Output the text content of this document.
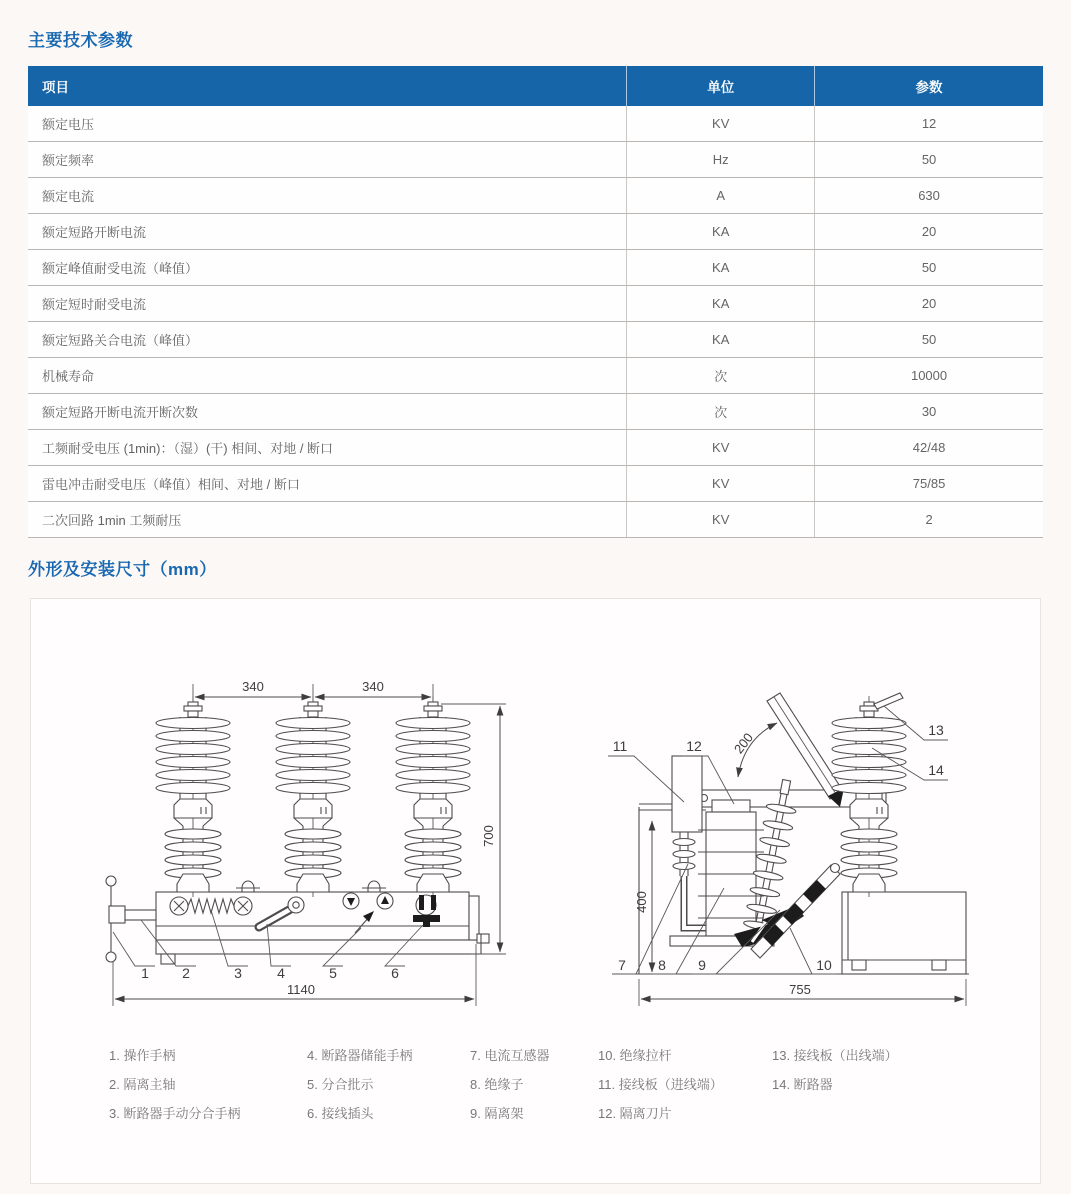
主要技术参数
项目	单位	参数
额定电压	KV	12
额定频率	Hz	50
额定电流	A	630
额定短路开断电流	KA	20
额定峰值耐受电流（峰值）	KA	50
额定短时耐受电流	KA	20
额定短路关合电流（峰值）	KA	50
机械寿命	次	10000
额定短路开断电流开断次数	次	30
工频耐受电压 (1min)：（湿）(干) 相间、对地 / 断口	KV	42/48
雷电冲击耐受电压（峰值）相间、对地 / 断口	KV	75/85
二次回路 1min 工频耐压	KV	2
外形及安装尺寸（mm）
340	340
700
1140
1 2	3	4	5	6
200
400
755
7 8 9	10
11	12
13
14
1. 操作手柄
2. 隔离主轴
3. 断路器手动分合手柄
4. 断路器储能手柄
5. 分合批示
6. 接线插头
7. 电流互感器
8. 绝缘子
9. 隔离架
10. 绝缘拉杆
11. 接线板（进线端）
12. 隔离刀片
13. 接线板（出线端）
14. 断路器
